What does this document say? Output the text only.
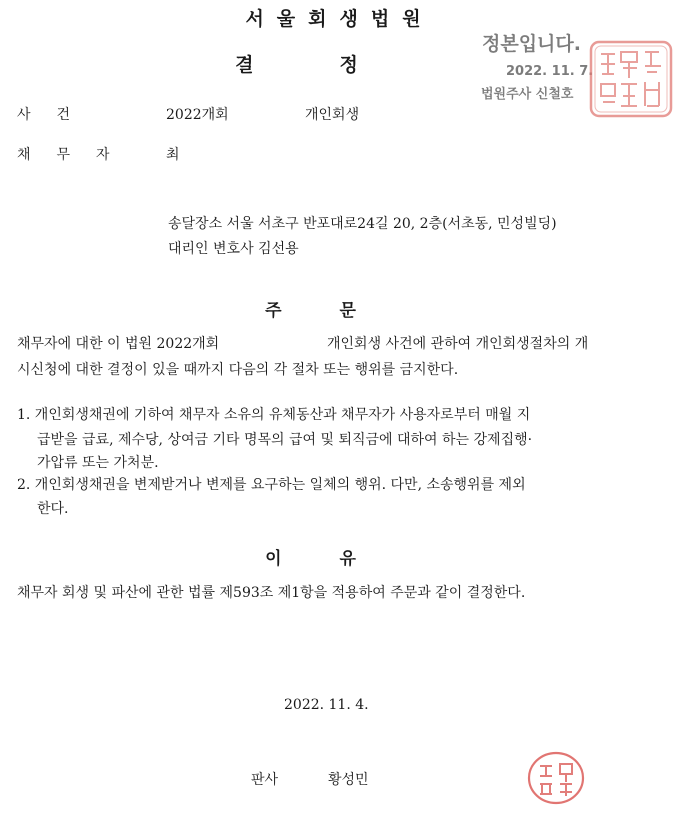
서울회생법원
결정
정본입니다.
2022. 11. 7.
법원주사 신철호
사건	2022개회	개인회생
채무자 최
송달장소 서울 서초구 반포대로24길 20, 2층(서초동, 민성빌딩)
대리인 변호사 김선용
주문
채무자에 대한 이 법원 2022개회	개인회생 사건에 관하여 개인회생절차의 개
시신청에 대한 결정이 있을 때까지 다음의 각 절차 또는 행위를 금지한다.
1. 개인회생채권에 기하여 채무자 소유의 유체동산과 채무자가 사용자로부터 매월 지
급받을 급료, 제수당, 상여금 기타 명목의 급여 및 퇴직금에 대하여 하는 강제집행·
가압류 또는 가처분.
2. 개인회생채권을 변제받거나 변제를 요구하는 일체의 행위. 다만, 소송행위를 제외
한다.
이유
채무자 회생 및 파산에 관한 법률 제593조 제1항을 적용하여 주문과 같이 결정한다.
2022. 11. 4.
판사	황성민
